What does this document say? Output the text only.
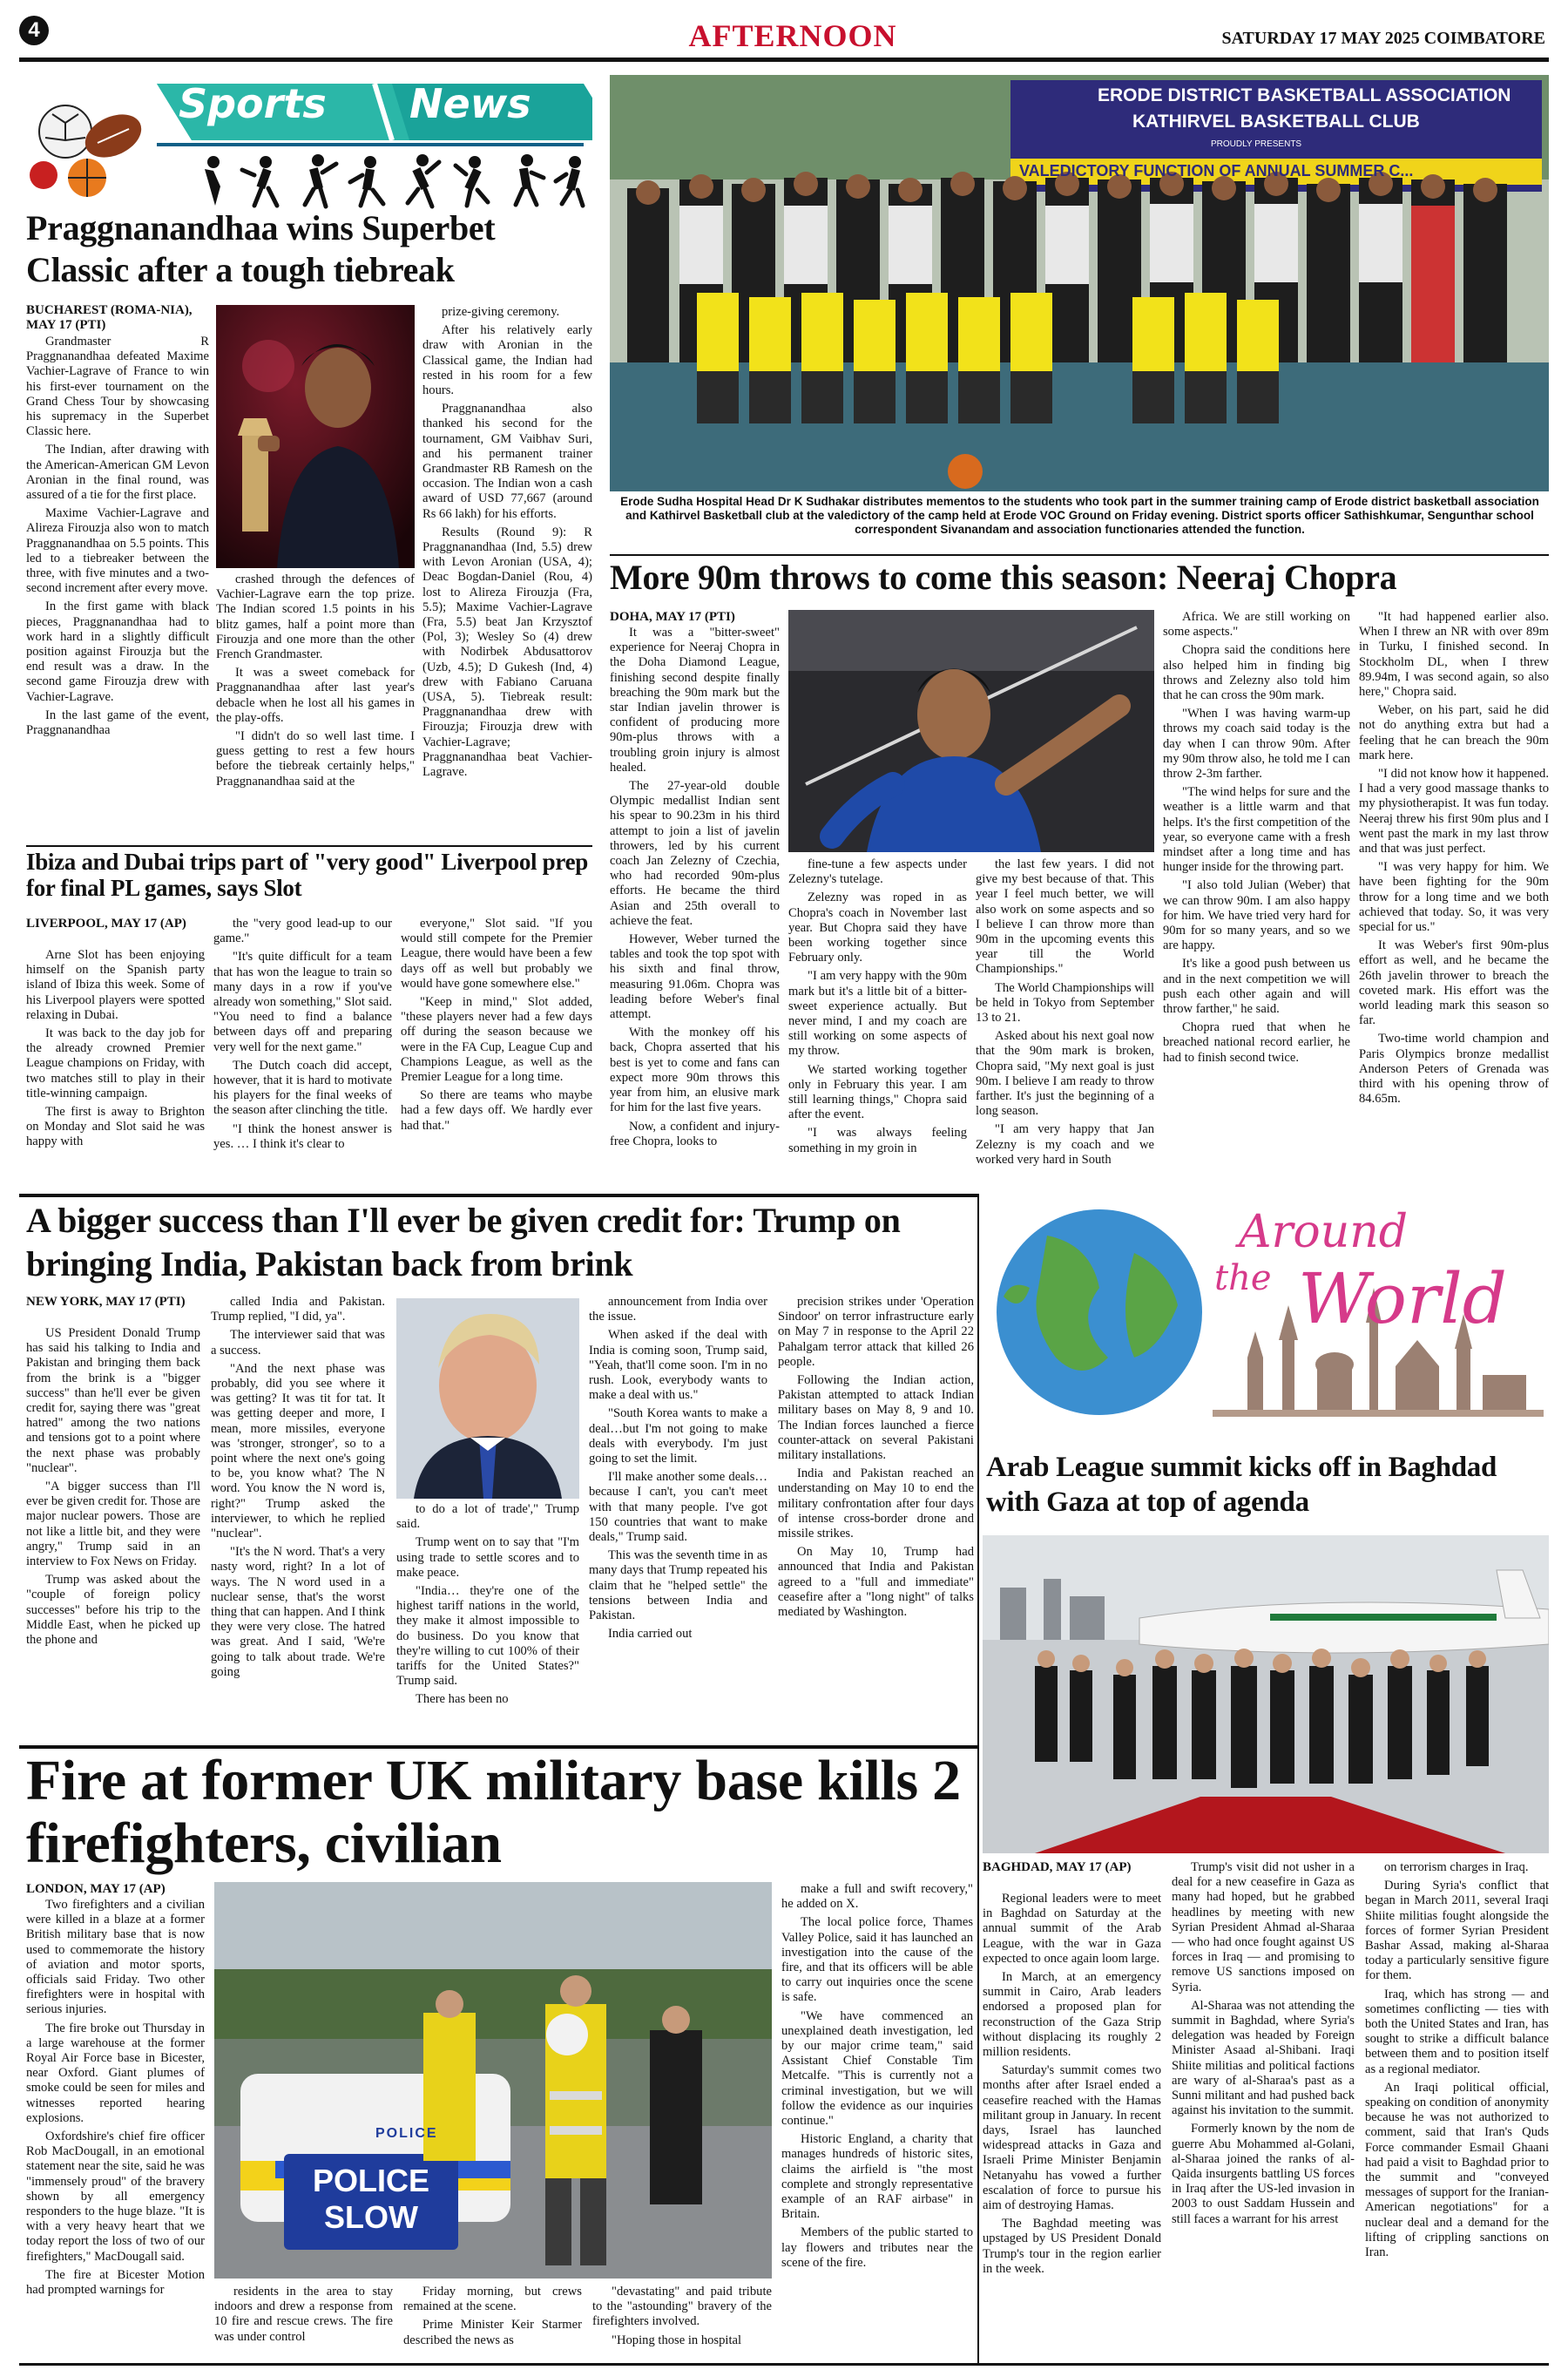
4	AFTERNOON	SATURDAY 17 MAY 2025 COIMBATORE
Sports News
Praggnanandhaa wins Superbet Classic after a tough tiebreak
BUCHAREST (ROMA-NIA), MAY 17 (PTI)

Grandmaster R Praggnanandhaa defeated Maxime Vachier-Lagrave of France to win his first-ever tournament on the Grand Chess Tour by showcasing his supremacy in the Superbet Classic here.

The Indian, after drawing with the American-American GM Levon Aronian in the final round, was assured of a tie for the first place.

Maxime Vachier-Lagrave and Alireza Firouzja also won to match Praggnanandhaa on 5.5 points. This led to a tiebreaker between the three, with five minutes and a two-second increment after every move.

In the first game with black pieces, Praggnanandhaa had to work hard in a slightly difficult position against Firouzja but the end result was a draw. In the second game Firouzja drew with Vachier-Lagrave.

In the last game of the event, Praggnanandhaa

crashed through the defences of Vachier-Lagrave earn the top prize. The Indian scored 1.5 points in his blitz games, half a point more than Firouzja and one more than the other French Grandmaster.

It was a sweet comeback for Praggnanandhaa after last year's debacle when he lost all his games in the play-offs.

"I didn't do so well last time. I guess getting to rest a few hours before the tiebreak certainly helps," Praggnanandhaa said at the

prize-giving ceremony.

After his relatively early draw with Aronian in the Classical game, the Indian had rested in his room for a few hours.

Praggnanandhaa also thanked his second for the tournament, GM Vaibhav Suri, and his permanent trainer Grandmaster RB Ramesh on the occasion. The Indian won a cash award of USD 77,667 (around Rs 66 lakh) for his efforts.

Results (Round 9): R Praggnanandhaa (Ind, 5.5) drew with Levon Aronian (USA, 4); Deac Bogdan-Daniel (Rou, 4) lost to Alireza Firouzja (Fra, 5.5); Maxime Vachier-Lagrave (Fra, 5.5) beat Jan Krzysztof (Pol, 3); Wesley So (4) drew with Nodirbek Abdusattorov (Uzb, 4.5); D Gukesh (Ind, 4) drew with Fabiano Caruana (USA, 5). Tiebreak result: Praggnanandhaa drew with Firouzja; Firouzja drew with Vachier-Lagrave; Praggnanandhaa beat Vachier-Lagrave.

ERODE DISTRICT BASKETBALL ASSOCIATION
KATHIRVEL BASKETBALL CLUB
PROUDLY PRESENTS
VALEDICTORY FUNCTION OF ANNUAL SUMMER C...
Erode Sudha Hospital Head Dr K Sudhakar distributes mementos to the students who took part in the summer training camp of Erode district basketball association and Kathirvel Basketball club at the valedictory of the camp held at Erode VOC Ground on Friday evening. District sports officer Sathishkumar, Sengunthar school correspondent Sivanandam and association functionaries attended the function.
Ibiza and Dubai trips part of "very good" Liverpool prep for final PL games, says Slot
LIVERPOOL, MAY 17 (AP)

Arne Slot has been enjoying himself on the Spanish party island of Ibiza this week. Some of his Liverpool players were spotted relaxing in Dubai.

It was back to the day job for the already crowned Premier League champions on Friday, with two matches still to play in their title-winning campaign.

The first is away to Brighton on Monday and Slot said he was happy with

the "very good lead-up to our game."

"It's quite difficult for a team that has won the league to train so many days in a row if you've already won something," Slot said. "You need to find a balance between days off and preparing very well for the next game."

The Dutch coach did accept, however, that it is hard to motivate his players for the final weeks of the season after clinching the title.

"I think the honest answer is yes. … I think it's clear to

everyone," Slot said. "If you would still compete for the Premier League, there would have been a few days off as well but probably we would have gone somewhere else."

"Keep in mind," Slot added, "these players never had a few days off during the season because we were in the FA Cup, League Cup and Champions League, as well as the Premier League for a long time.

So there are teams who maybe had a few days off. We hardly ever had that."

More 90m throws to come this season: Neeraj Chopra
DOHA, MAY 17 (PTI)

It was a "bitter-sweet" experience for Neeraj Chopra in the Doha Diamond League, finishing second despite finally breaching the 90m mark but the star Indian javelin thrower is confident of producing more 90m-plus throws with a troubling groin injury is almost healed.

The 27-year-old double Olympic medallist Indian sent his spear to 90.23m in his third attempt to join a list of javelin throwers, led by his current coach Jan Zelezny of Czechia, who had recorded 90m-plus efforts. He became the third Asian and 25th overall to achieve the feat.

However, Weber turned the tables and took the top spot with his sixth and final throw, measuring 91.06m. Chopra was leading before Weber's final attempt.

With the monkey off his back, Chopra asserted that his best is yet to come and fans can expect more 90m throws this year from him, an elusive mark for him for the last five years.

Now, a confident and injury-free Chopra, looks to

fine-tune a few aspects under Zelezny's tutelage.

Zelezny was roped in as Chopra's coach in November last year. But Chopra said they have been working together since February only.

"I am very happy with the 90m mark but it's a little bit of a bitter-sweet experience actually. But never mind, I and my coach are still working on some aspects of my throw.

We started working together only in February this year. I am still learning things," Chopra said after the event.

"I was always feeling something in my groin in

the last few years. I did not give my best because of that. This year I feel much better, we will also work on some aspects and so I believe I can throw more than 90m in the upcoming events this year till the World Championships."

The World Championships will be held in Tokyo from September 13 to 21.

Asked about his next goal now that the 90m mark is broken, Chopra said, "My next goal is just 90m. I believe I am ready to throw farther. It's just the beginning of a long season.

"I am very happy that Jan Zelezny is my coach and we worked very hard in South

Africa. We are still working on some aspects."

Chopra said the conditions here also helped him in finding big throws and Zelezny also told him that he can cross the 90m mark.

"When I was having warm-up throws my coach said today is the day when I can throw 90m. After my 90m throw also, he told me I can throw 2-3m farther.

"The wind helps for sure and the weather is a little warm and that helps. It's the first competition of the year, so everyone came with a fresh mindset after a long time and has hunger inside for the throwing part.

"I also told Julian (Weber) that we can throw 90m. I am also happy for him. We have tried very hard for 90m for so many years, and so we are happy.

It's like a good push between us and in the next competition we will push each other again and will throw farther," he said.

Chopra rued that when he breached national record earlier, he had to finish second twice.

"It had happened earlier also. When I threw an NR with over 89m in Turku, I finished second. In Stockholm DL, when I threw 89.94m, I was second again, so also here," Chopra said.

Weber, on his part, said he did not do anything extra but had a feeling that he can breach the 90m mark here.

"I did not know how it happened. I had a very good massage thanks to my physiotherapist. It was fun today. Neeraj threw his first 90m plus and I went past the mark in my last throw and that was just perfect.

"I was very happy for him. We have been fighting for the 90m throw for a long time and we both achieved that today. So, it was very special for us."

It was Weber's first 90m-plus effort as well, and he became the 26th javelin thrower to breach the coveted mark. His effort was the world leading mark this season so far.

Two-time world champion and Paris Olympics bronze medallist Anderson Peters of Grenada was third with his opening throw of 84.65m.

A bigger success than I'll ever be given credit for: Trump on bringing India, Pakistan back from brink
NEW YORK, MAY 17 (PTI)

US President Donald Trump has said his talking to India and Pakistan and bringing them back from the brink is a "bigger success" than he'll ever be given credit for, saying there was "great hatred" among the two nations and tensions got to a point where the next phase was probably "nuclear".

"A bigger success than I'll ever be given credit for. Those are major nuclear powers. Those are not like a little bit, and they were angry," Trump said in an interview to Fox News on Friday.

Trump was asked about the "couple of foreign policy successes" before his trip to the Middle East, when he picked up the phone and

called India and Pakistan. Trump replied, "I did, ya".

The interviewer said that was a success.

"And the next phase was probably, did you see where it was getting? It was tit for tat. It was getting deeper and more, I mean, more missiles, everyone was 'stronger, stronger', so to a point where the next one's going to be, you know what? The N word. You know the N word is, right?" Trump asked the interviewer, to which he replied "nuclear".

"It's the N word. That's a very nasty word, right? In a lot of ways. The N word used in a nuclear sense, that's the worst thing that can happen. And I think they were very close. The hatred was great. And I said, 'We're going to talk about trade. We're going

to do a lot of trade'," Trump said.

Trump went on to say that "I'm using trade to settle scores and to make peace.

"India… they're one of the highest tariff nations in the world, they make it almost impossible to do business. Do you know that they're willing to cut 100% of their tariffs for the United States?" Trump said.

There has been no

announcement from India over the issue.

When asked if the deal with India is coming soon, Trump said, "Yeah, that'll come soon. I'm in no rush. Look, everybody wants to make a deal with us."

"South Korea wants to make a deal…but I'm not going to make deals with everybody. I'm just going to set the limit.

I'll make another some deals… because I can't, you can't meet with that many people. I've got 150 countries that want to make deals," Trump said.

This was the seventh time in as many days that Trump repeated his claim that he "helped settle" the tensions between India and Pakistan.

India carried out

precision strikes under 'Operation Sindoor' on terror infrastructure early on May 7 in response to the April 22 Pahalgam terror attack that killed 26 people.

Following the Indian action, Pakistan attempted to attack Indian military bases on May 8, 9 and 10. The Indian forces launched a fierce counter-attack on several Pakistani military installations.

India and Pakistan reached an understanding on May 10 to end the military confrontation after four days of intense cross-border drone and missile strikes.

On May 10, Trump had announced that India and Pakistan agreed to a "full and immediate" ceasefire after a "long night" of talks mediated by Washington.

Around
the World
Arab League summit kicks off in Baghdad with Gaza at top of agenda
BAGHDAD, MAY 17 (AP)

Regional leaders were to meet in Baghdad on Saturday at the annual summit of the Arab League, with the war in Gaza expected to once again loom large.

In March, at an emergency summit in Cairo, Arab leaders endorsed a proposed plan for reconstruction of the Gaza Strip without displacing its roughly 2 million residents.

Saturday's summit comes two months after after Israel ended a ceasefire reached with the Hamas militant group in January. In recent days, Israel has launched widespread attacks in Gaza and Israeli Prime Minister Benjamin Netanyahu has vowed a further escalation of force to pursue his aim of destroying Hamas.

The Baghdad meeting was upstaged by US President Donald Trump's tour in the region earlier in the week.

Trump's visit did not usher in a deal for a new ceasefire in Gaza as many had hoped, but he grabbed headlines by meeting with new Syrian President Ahmad al-Sharaa — who had once fought against US forces in Iraq — and promising to remove US sanctions imposed on Syria.

Al-Sharaa was not attending the summit in Baghdad, where Syria's delegation was headed by Foreign Minister Asaad al-Shibani. Iraqi Shiite militias and political factions are wary of al-Sharaa's past as a Sunni militant and had pushed back against his invitation to the summit.

Formerly known by the nom de guerre Abu Mohammed al-Golani, al-Sharaa joined the ranks of al-Qaida insurgents battling US forces in Iraq after the US-led invasion in 2003 to oust Saddam Hussein and still faces a warrant for his arrest

on terrorism charges in Iraq.

During Syria's conflict that began in March 2011, several Iraqi Shiite militias fought alongside the forces of former Syrian President Bashar Assad, making al-Sharaa today a particularly sensitive figure for them.

Iraq, which has strong — and sometimes conflicting — ties with both the United States and Iran, has sought to strike a difficult balance between them and to position itself as a regional mediator.

An Iraqi political official, speaking on condition of anonymity because he was not authorized to comment, said that Iran's Quds Force commander Esmail Ghaani had paid a visit to Baghdad prior to the summit and "conveyed messages of support for the Iranian-American negotiations" for a nuclear deal and a demand for the lifting of crippling sanctions on Iran.

Fire at former UK military base kills 2 firefighters, civilian
LONDON, MAY 17 (AP)

Two firefighters and a civilian were killed in a blaze at a former British military base that is now used to commemorate the history of aviation and motor sports, officials said Friday. Two other firefighters were in hospital with serious injuries.

The fire broke out Thursday in a large warehouse at the former Royal Air Force base in Bicester, near Oxford. Giant plumes of smoke could be seen for miles and witnesses reported hearing explosions.

Oxfordshire's chief fire officer Rob MacDougall, in an emotional statement near the site, said he was "immensely proud" of the bravery shown by all emergency responders to the huge blaze. "It is with a very heavy heart that we today report the loss of two of our firefighters," MacDougall said.

The fire at Bicester Motion had prompted warnings for

POLICE
POLICE SLOW

residents in the area to stay indoors and drew a response from 10 fire and rescue crews. The fire was under control

Friday morning, but crews remained at the scene.

Prime Minister Keir Starmer described the news as

"devastating" and paid tribute to the "astounding" bravery of the firefighters involved.

"Hoping those in hospital

make a full and swift recovery," he added on X.

The local police force, Thames Valley Police, said it has launched an investigation into the cause of the fire, and that its officers will be able to carry out inquiries once the scene is safe.

"We have commenced an unexplained death investigation, led by our major crime team," said Assistant Chief Constable Tim Metcalfe. "This is currently not a criminal investigation, but we will follow the evidence as our inquiries continue."

Historic England, a charity that manages hundreds of historic sites, claims the airfield is "the most complete and strongly representative example of an RAF airbase" in Britain.

Members of the public started to lay flowers and tributes near the scene of the fire.
